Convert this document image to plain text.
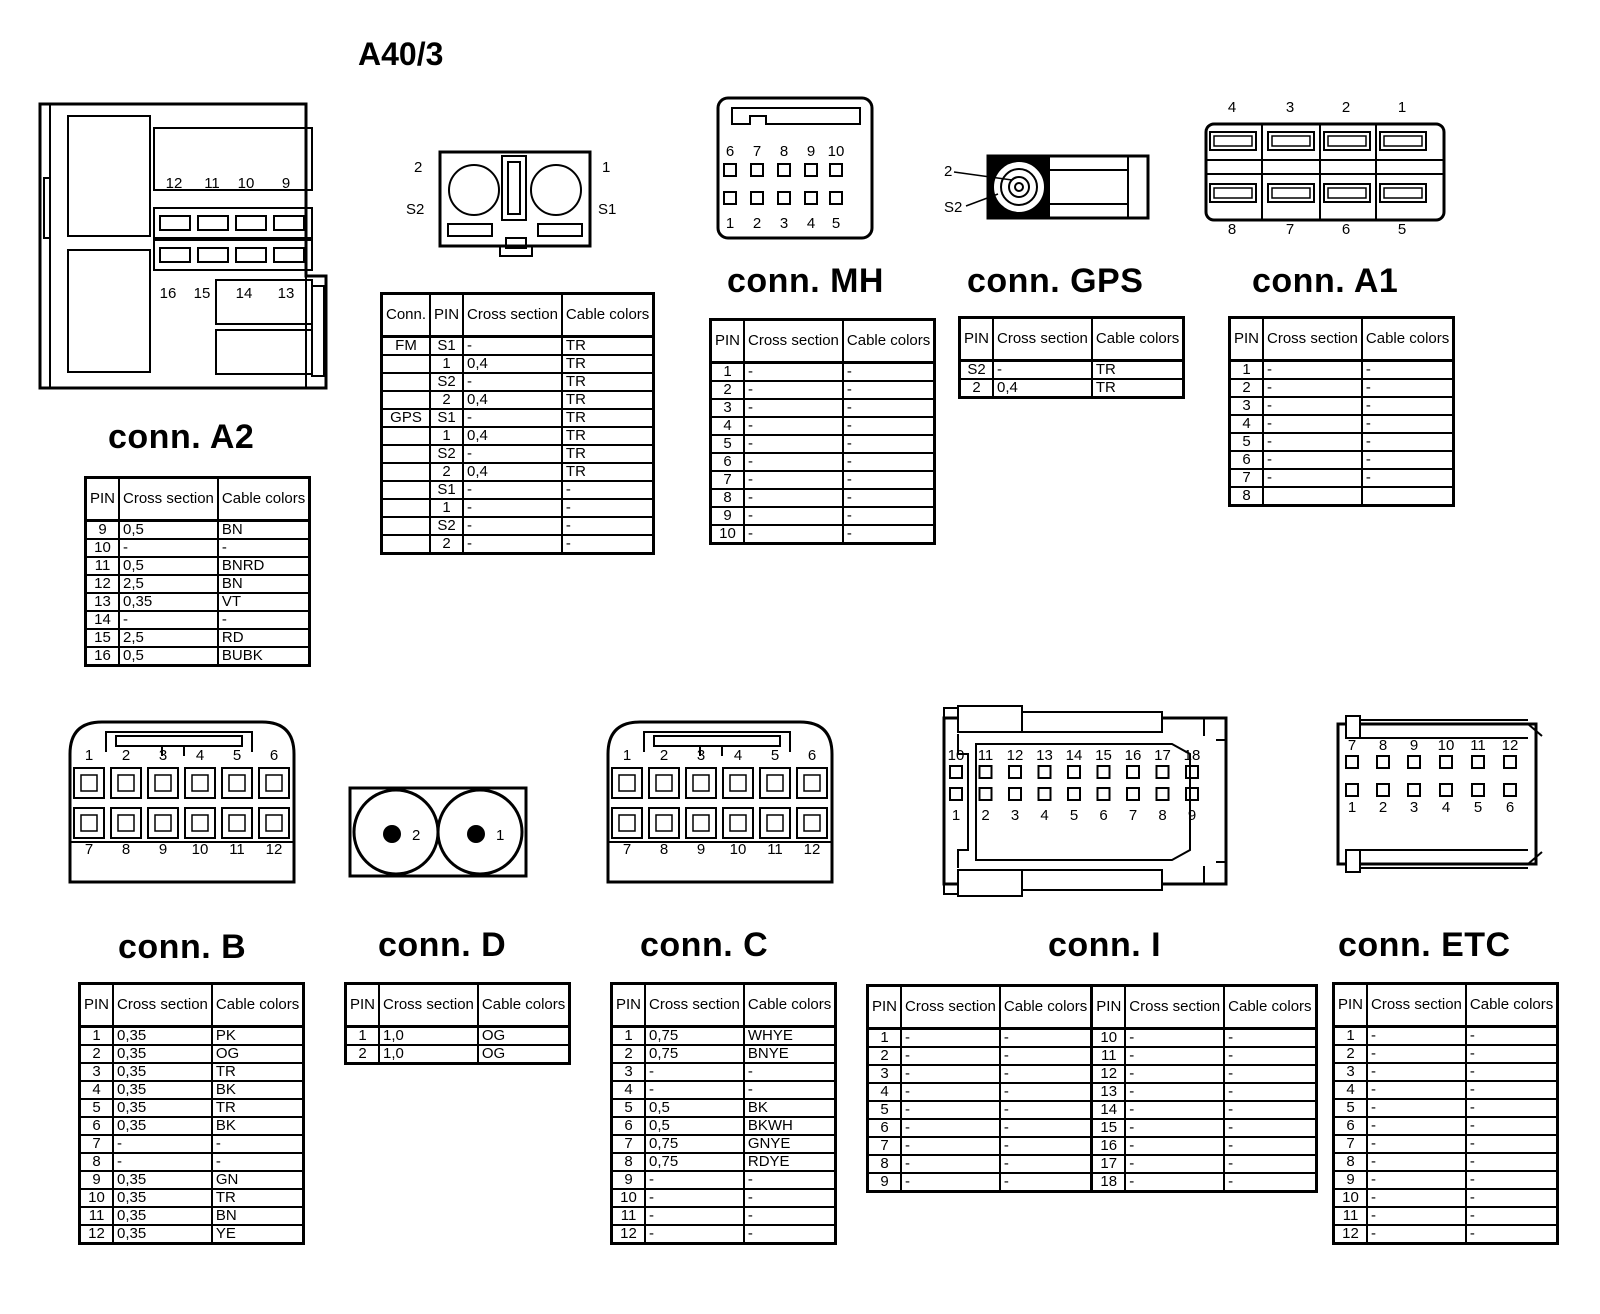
A40/3
12 11 10 9
16 15 14 13
conn. A2
PIN	Cross section	Cable colors
9	0,5	BN
10	-	-
11	0,5	BNRD
12	2,5	BN
13	0,35	VT
14	-	-
15	2,5	RD
16	0,5	BUBK
2
S2
1
S1
Conn.	PIN	Cross section	Cable colors
FM	S1	-	TR
	1	0,4	TR
	S2	-	TR
	2	0,4	TR
GPS	S1	-	TR
	1	0,4	TR
	S2	-	TR
	2	0,4	TR
	S1	-	-
	1	-	-
	S2	-	-
	2	-	-
6 7 8 9 10
1 2 3 4 5
conn. MH
PIN	Cross section	Cable colors
1	-	-
2	-	-
3	-	-
4	-	-
5	-	-
6	-	-
7	-	-
8	-	-
9	-	-
10	-	-
2
S2
conn. GPS
PIN	Cross section	Cable colors
S2	-	TR
2	0,4	TR
4	3	2	1
8	7	6	5
conn. A1
PIN	Cross section	Cable colors
1	-	-
2	-	-
3	-	-
4	-	-
5	-	-
6	-	-
7	-	-
8		
1 2 3 4 5 6
7 8 9 10 11 12
conn. B
PIN	Cross section	Cable colors
1	0,35	PK
2	0,35	OG
3	0,35	TR
4	0,35	BK
5	0,35	TR
6	0,35	BK
7	-	-
8	-	-
9	0,35	GN
10	0,35	TR
11	0,35	BN
12	0,35	YE
2	1
conn. D
PIN	Cross section	Cable colors
1	1,0	OG
2	1,0	OG
1 2 3 4 5 6
7 8 9 10 11 12
conn. C
PIN	Cross section	Cable colors
1	0,75	WHYE
2	0,75	BNYE
3	-	-
4	-	-
5	0,5	BK
6	0,5	BKWH
7	0,75	GNYE
8	0,75	RDYE
9	-	-
10	-	-
11	-	-
12	-	-
10 11 12 13 14 15 16 17 18
1 2 3 4 5 6 7 8 9
conn. I
PIN	Cross section	Cable colors	PIN	Cross section	Cable colors
1	-	-	10	-	-
2	-	-	11	-	-
3	-	-	12	-	-
4	-	-	13	-	-
5	-	-	14	-	-
6	-	-	15	-	-
7	-	-	16	-	-
8	-	-	17	-	-
9	-	-	18	-	-
7 8 9 10 11 12
1 2 3 4 5 6
conn. ETC
PIN	Cross section	Cable colors
1	-	-
2	-	-
3	-	-
4	-	-
5	-	-
6	-	-
7	-	-
8	-	-
9	-	-
10	-	-
11	-	-
12	-	-
